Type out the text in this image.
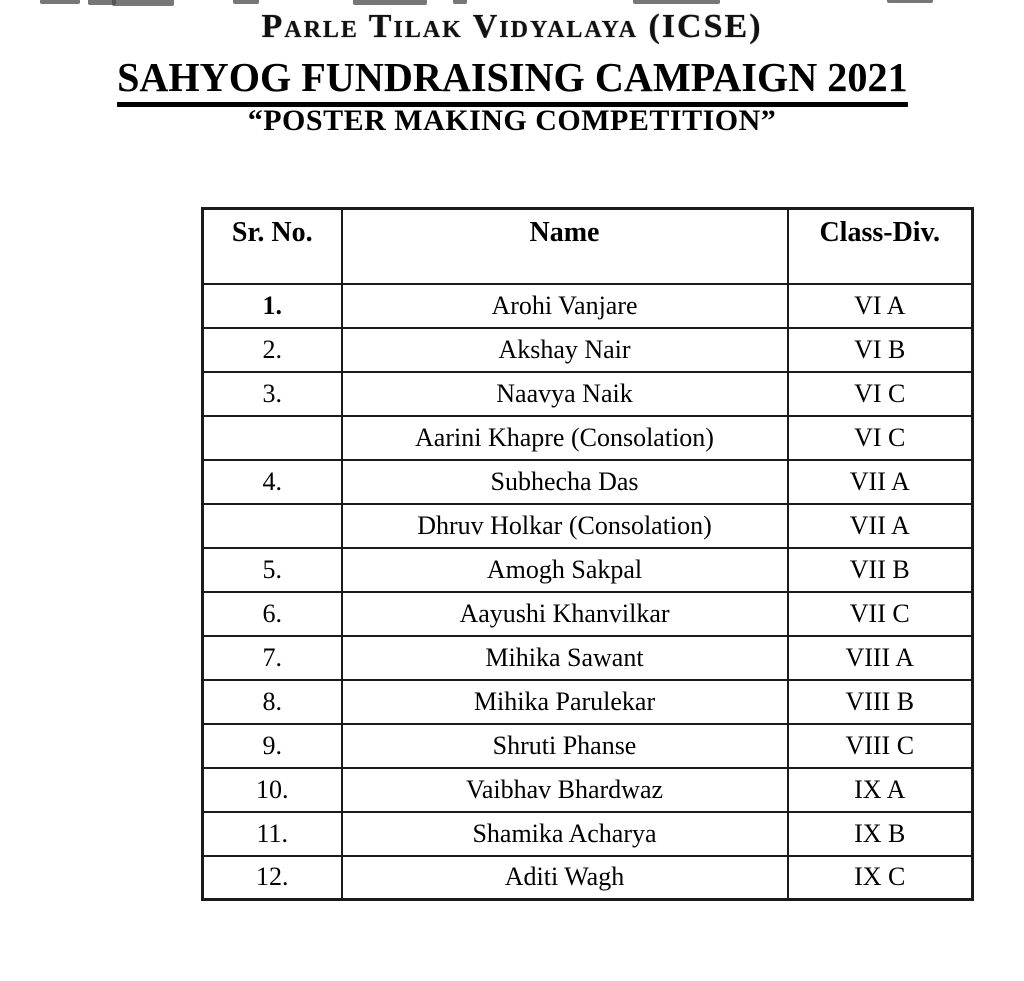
Parle Tilak Vidyalaya (ICSE)
SAHYOG FUNDRAISING CAMPAIGN 2021
“POSTER MAKING COMPETITION”
Sr. No.	Name	Class-Div.
1.	Arohi Vanjare	VI A
2.	Akshay Nair	VI B
3.	Naavya Naik	VI C
	Aarini Khapre (Consolation)	VI C
4.	Subhecha Das	VII A
	Dhruv Holkar (Consolation)	VII A
5.	Amogh Sakpal	VII B
6.	Aayushi Khanvilkar	VII C
7.	Mihika Sawant	VIII A
8.	Mihika Parulekar	VIII B
9.	Shruti Phanse	VIII C
10.	Vaibhav Bhardwaz	IX A
11.	Shamika Acharya	IX B
12.	Aditi Wagh	IX C
